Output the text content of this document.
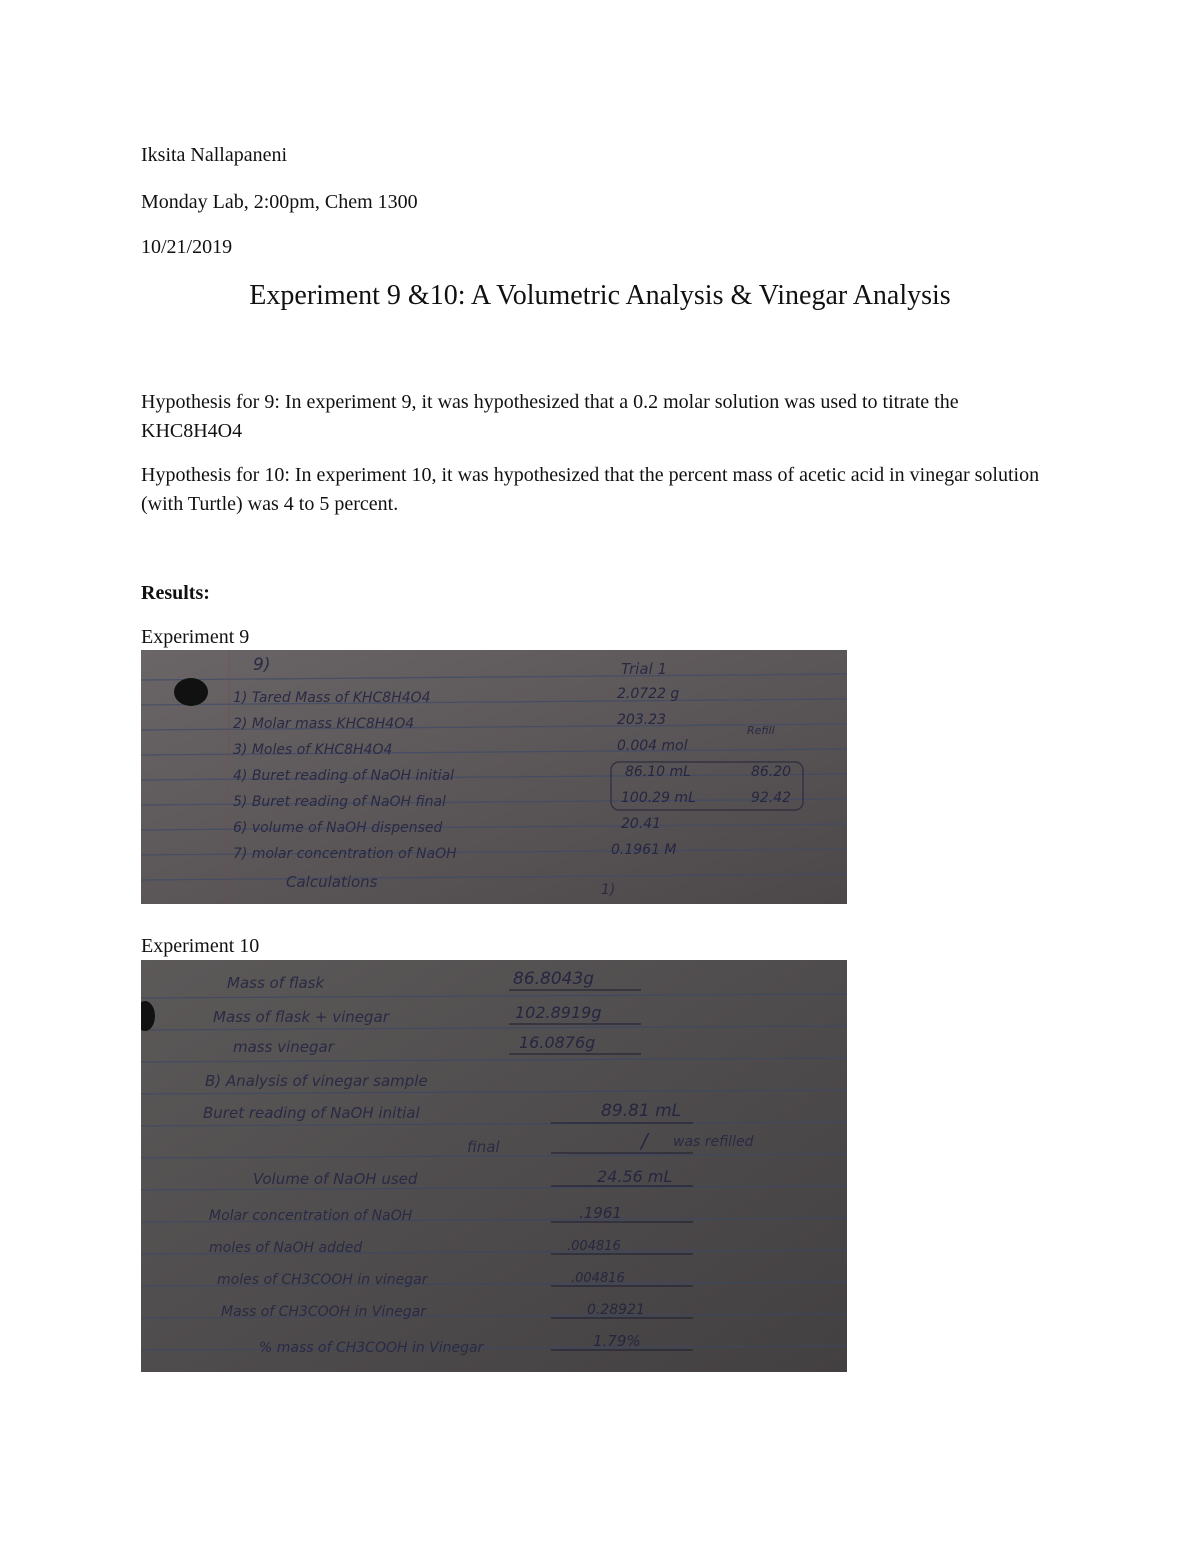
Iksita Nallapaneni
Monday Lab, 2:00pm, Chem 1300
10/21/2019
Experiment 9 &10: A Volumetric Analysis & Vinegar Analysis
Hypothesis for 9: In experiment 9, it was hypothesized that a 0.2 molar solution was used to titrate the KHC8H4O4
Hypothesis for 10: In experiment 10, it was hypothesized that the percent mass of acetic acid in vinegar solution (with Turtle) was 4 to 5 percent.
Results:
Experiment 9
9)	Trial 1
Refill
1) Tared Mass of KHC8H4O4	2.0722 g
2) Molar mass KHC8H4O4	203.23
3) Moles of KHC8H4O4	0.004 mol
4) Buret reading of NaOH initial	86.10 mL	86.20
5) Buret reading of NaOH final	100.29 mL	92.42
6) volume of NaOH dispensed	20.41
7) molar concentration of NaOH	0.1961 M
Calculations	1)
Experiment 10
Mass of flask	86.8043g
Mass of flask + vinegar	102.8919g
mass vinegar	16.0876g
B) Analysis of vinegar sample
Buret reading of NaOH initial	89.81 mL
final	/ was refilled
Volume of NaOH used	24.56 mL
Molar concentration of NaOH	.1961
moles of NaOH added	.004816
moles of CH3COOH in vinegar	.004816
Mass of CH3COOH in Vinegar	0.28921
% mass of CH3COOH in Vinegar	1.79%
